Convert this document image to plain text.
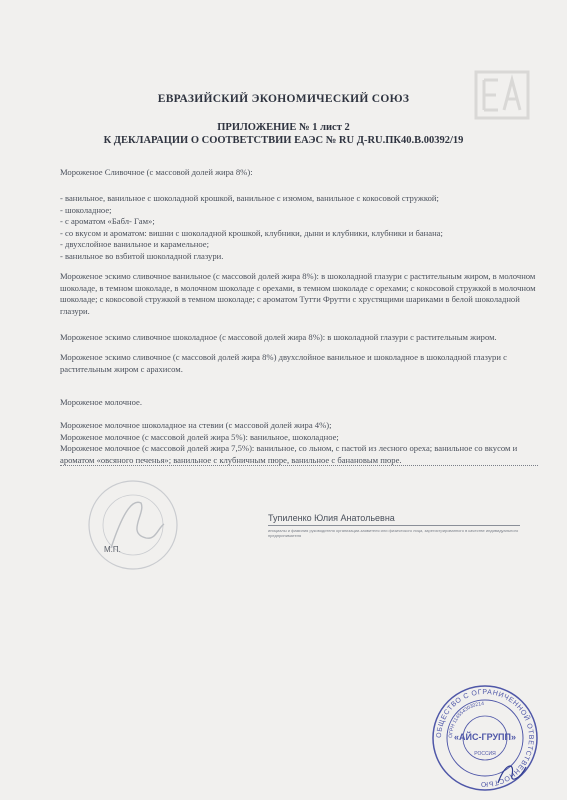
ЕВРАЗИЙСКИЙ ЭКОНОМИЧЕСКИЙ СОЮЗ
ПРИЛОЖЕНИЕ № 1 лист 2
К ДЕКЛАРАЦИИ О СООТВЕТСТВИИ ЕАЭС № RU Д-RU.ПК40.В.00392/19
Мороженое Сливочное (с массовой долей жира 8%):
- ванильное, ванильное с шоколадной крошкой, ванильное с изюмом, ванильное с кокосовой стружкой;
- шоколадное;
- с ароматом «Бабл- Гам»;
- со вкусом и ароматом: вишни с шоколадной крошкой, клубники, дыни и клубники, клубники и банана;
- двухслойное ванильное и карамельное;
- ванильное во взбитой шоколадной глазури.

Мороженое эскимо сливочное ванильное (с массовой долей жира 8%): в шоколадной глазури с растительным жиром, в молочном шоколаде, в темном шоколаде, в молочном шоколаде с орехами, в темном шоколаде с орехами; с кокосовой стружкой в молочном шоколаде; с кокосовой стружкой в темном шоколаде; с ароматом Тутти Фрутти с хрустящими шариками в белой шоколадной глазури.

Мороженое эскимо сливочное шоколадное (с массовой долей жира 8%): в шоколадной глазури с растительным жиром.

Мороженое эскимо сливочное (с массовой долей жира 8%) двухслойное ванильное и шоколадное в шоколадной глазури с растительным жиром с арахисом.

Мороженое молочное.
Мороженое молочное шоколадное на стевии (с массовой долей жира 4%);
Мороженое молочное (с массовой долей жира 5%): ванильное, шоколадное;
Мороженое молочное (с массовой долей жира 7,5%): ванильное, со льном, с пастой из лесного ореха; ванильное со вкусом и ароматом «овсяного печенья»; ванильное с клубничным пюре, ванильное с банановым пюре.
М.П.
Тупиленко Юлия Анатольевна
инициалы и фамилия руководителя организации-заявителя или физического лица, зарегистрированного в качестве индивидуального предпринимателя
ОБЩЕСТВО С ОГРАНИЧЕННОЙ ОТВЕТСТВЕННОСТЬЮ
ОГРН 1145543030214
«АЙС-ГРУПП»
РОССИЯ
